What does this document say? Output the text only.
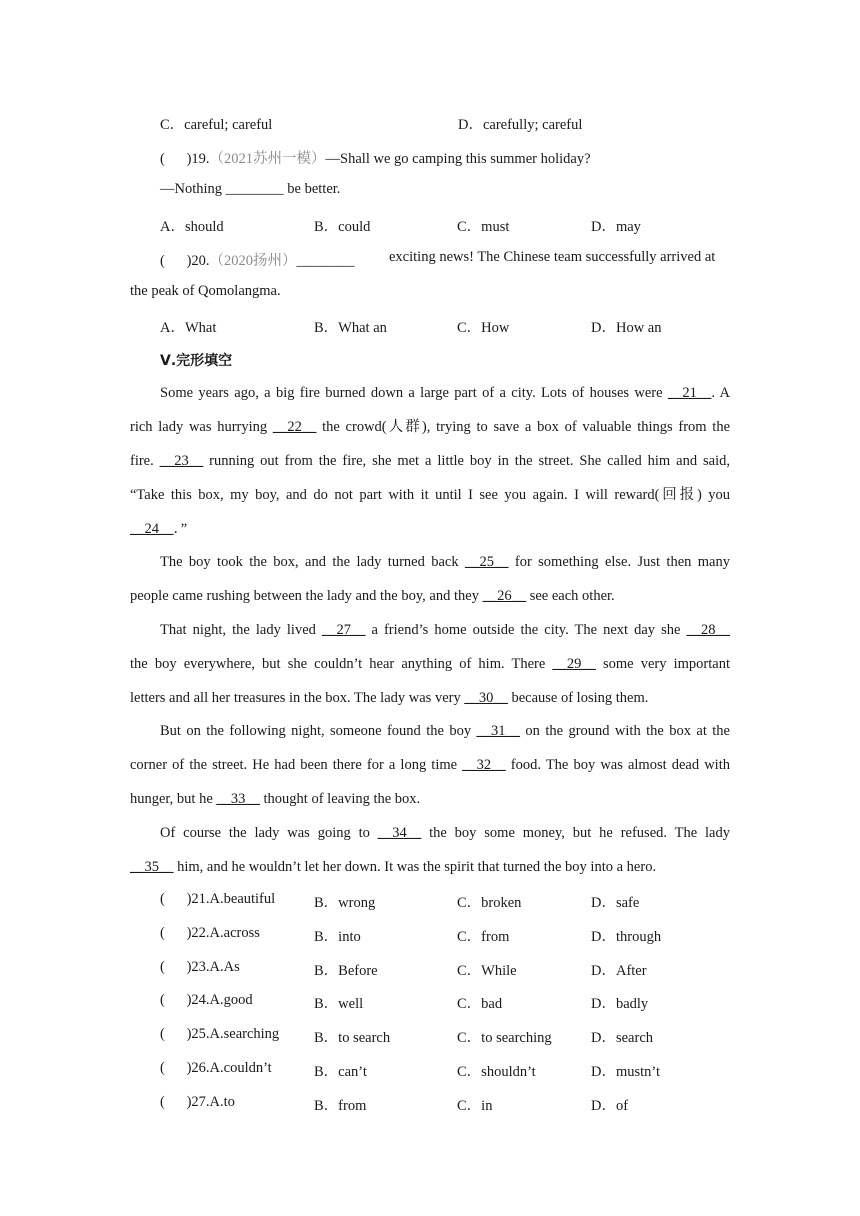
C．careful; careful	D．carefully; careful
(      )19.（2021苏州一模）—Shall we go camping this summer holiday?
—Nothing ________ be better.
A．should	B．could	C．must	D．may
(      )20.（2020扬州）________ exciting news! The Chinese team successfully arrived at
the peak of Qomolangma.
A．What	B．What an	C．How	D．How an
Ⅴ.完形填空
Some years ago, a big fire burned down a large part of a city. Lots of houses were __21__. A
rich lady was hurrying __22__ the crowd(人群), trying to save a box of valuable things from the
fire. __23__ running out from the fire, she met a little boy in the street. She called him and said,
“Take this box, my boy, and do not part with it until I see you again. I will reward(回报) you
__24__．”
The boy took the box, and the lady turned back __25__ for something else. Just then many
people came rushing between the lady and the boy, and they __26__ see each other.
That night, the lady lived __27__ a friend’s home outside the city. The next day she __28__
the boy everywhere, but she couldn’t hear anything of him. There __29__ some very important
letters and all her treasures in the box. The lady was very __30__ because of losing them.
But on the following night, someone found the boy __31__ on the ground with the box at the
corner of the street. He had been there for a long time __32__ food. The boy was almost dead with
hunger, but he __33__ thought of leaving the box.
Of course the lady was going to __34__ the boy some money, but he refused. The lady
__35__ him, and he wouldn’t let her down. It was the spirit that turned the boy into a hero.
(      )21.A.beautiful	B．wrong	C．broken	D．safe
(      )22.A.across	B．into	C．from	D．through
(      )23.A.As	B．Before	C．While	D．After
(      )24.A.good	B．well	C．bad	D．badly
(      )25.A.searching B．to search	C．to searching	D．search
(      )26.A.couldn’t	B．can’t	C．shouldn’t	D．mustn’t
(      )27.A.to	B．from	C．in	D．of
